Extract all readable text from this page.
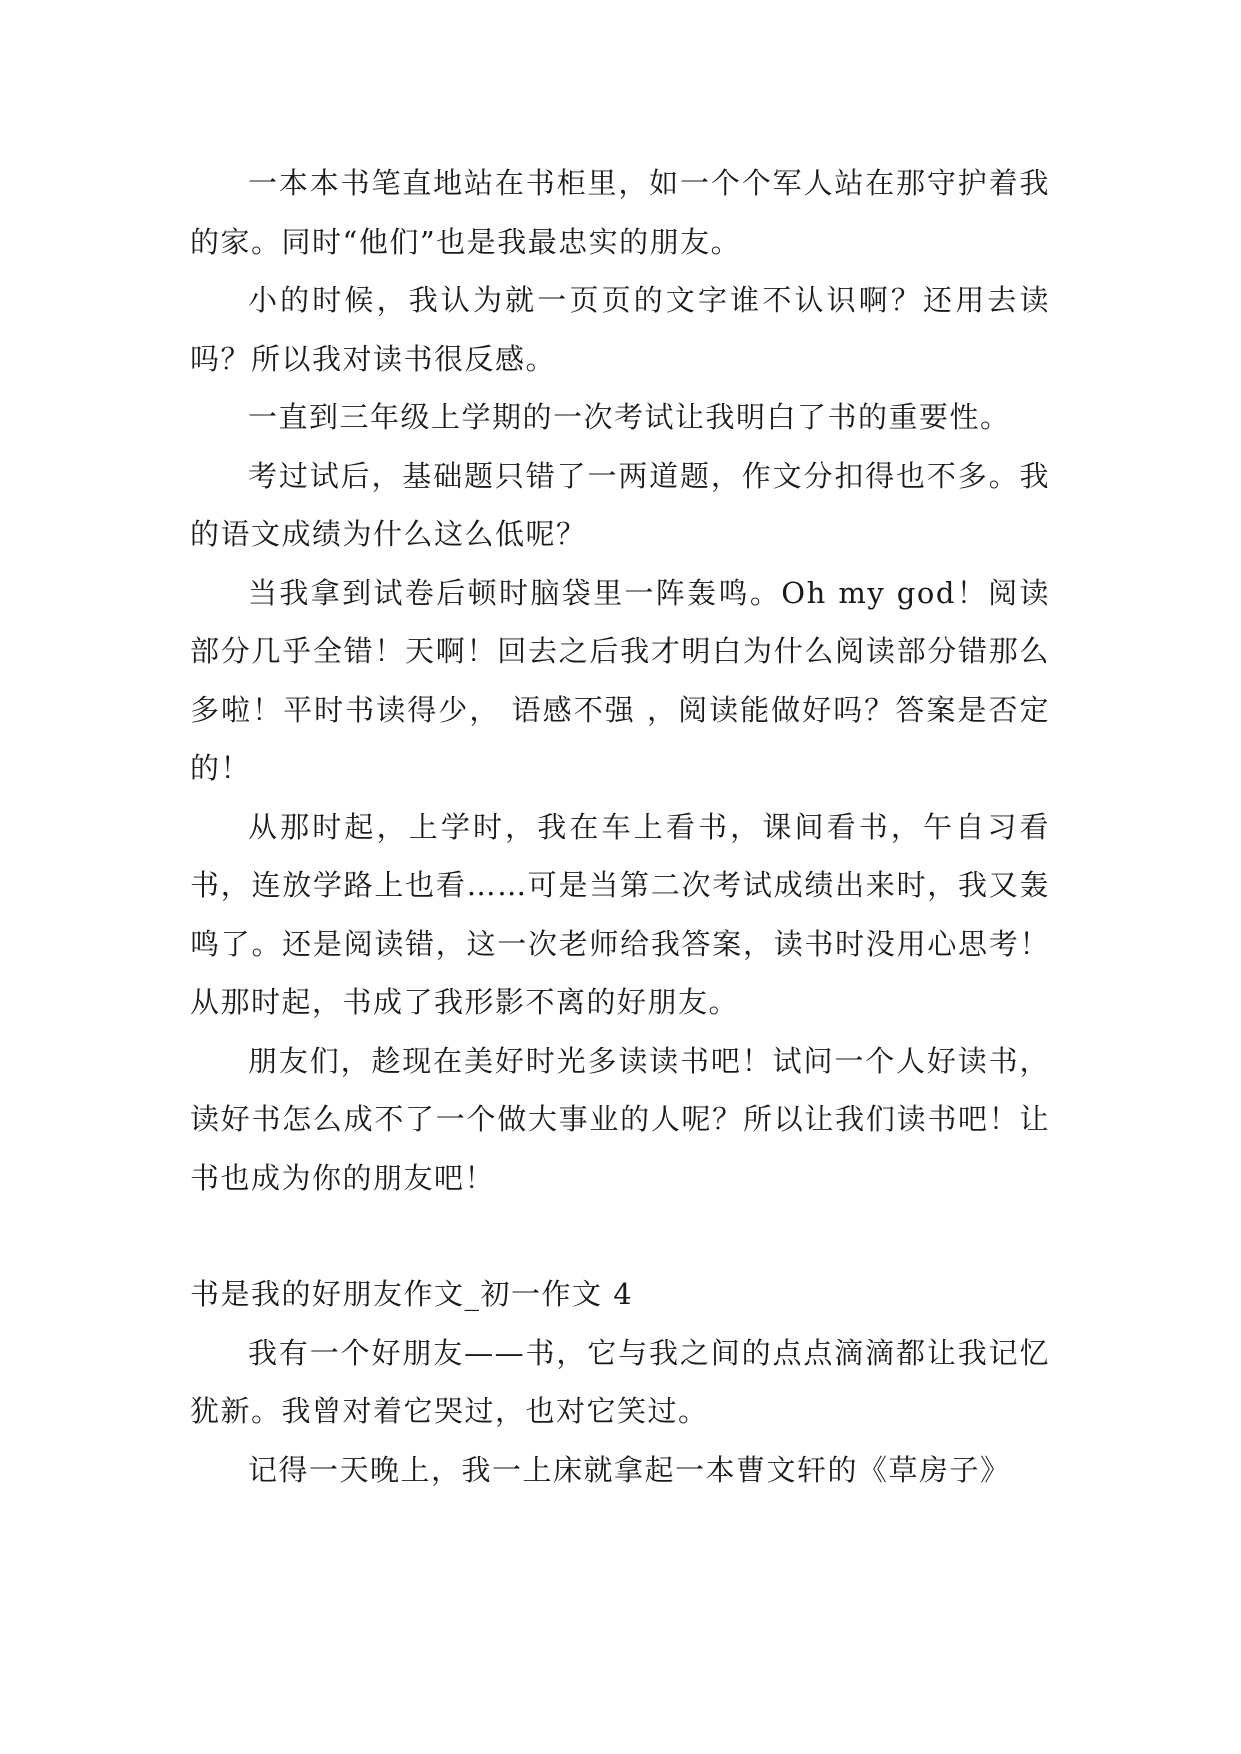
一本本书笔直地站在书柜里，如一个个军人站在那守护着我的家。同时“他们”也是我最忠实的朋友。

小的时候，我认为就一页页的文字谁不认识啊？还用去读吗？所以我对读书很反感。

一直到三年级上学期的一次考试让我明白了书的重要性。

考过试后，基础题只错了一两道题，作文分扣得也不多。我的语文成绩为什么这么低呢？

当我拿到试卷后顿时脑袋里一阵轰鸣。Oh my god！阅读部分几乎全错！天啊！回去之后我才明白为什么阅读部分错那么多啦！平时书读得少， 语感不强 ，阅读能做好吗？答案是否定的！

从那时起，上学时，我在车上看书，课间看书，午自习看书，连放学路上也看……可是当第二次考试成绩出来时，我又轰鸣了。还是阅读错，这一次老师给我答案，读书时没用心思考！从那时起，书成了我形影不离的好朋友。

朋友们，趁现在美好时光多读读书吧！试问一个人好读书，读好书怎么成不了一个做大事业的人呢？所以让我们读书吧！让书也成为你的朋友吧！

书是我的好朋友作文_初一作文 4

我有一个好朋友——书，它与我之间的点点滴滴都让我记忆犹新。我曾对着它哭过，也对它笑过。

记得一天晚上，我一上床就拿起一本曹文轩的《草房子》
